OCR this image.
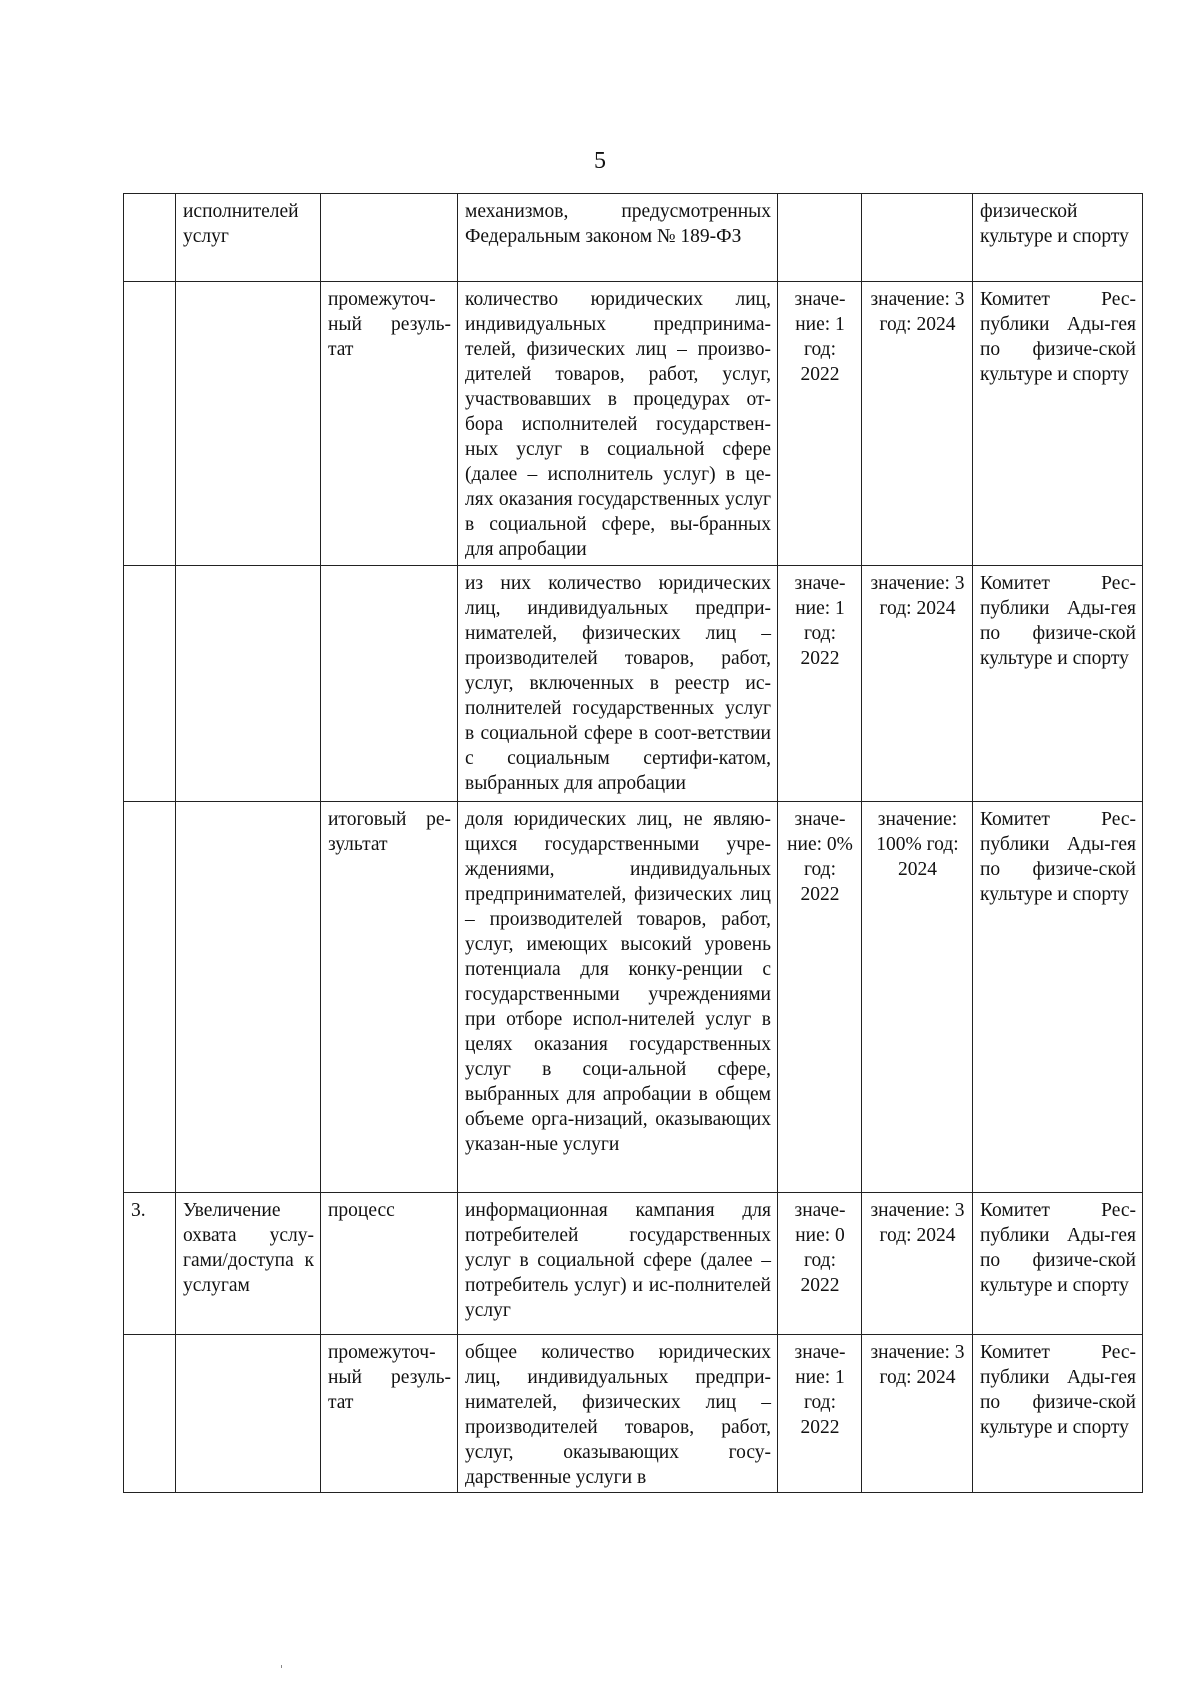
5

	исполнителей услуг		механизмов, предусмотренных Федеральным законом № 189-ФЗ			физической культуре и спорту
		промежуточ-ный резуль-тат	количество юридических лиц, индивидуальных предпринима-телей, физических лиц – произво-дителей товаров, работ, услуг, участвовавших в процедурах от-бора исполнителей государствен-ных услуг в социальной сфере (далее – исполнитель услуг) в це-лях оказания государственных услуг в социальной сфере, вы-бранных для апробации	значе-ние: 1 год: 2022	значение: 3 год: 2024	Комитет Рес-публики Ады-гея по физиче-ской культуре и спорту
			из них количество юридических лиц, индивидуальных предпри-нимателей, физических лиц – производителей товаров, работ, услуг, включенных в реестр ис-полнителей государственных услуг в социальной сфере в соот-ветствии с социальным сертифи-катом, выбранных для апробации	значе-ние: 1 год: 2022	значение: 3 год: 2024	Комитет Рес-публики Ады-гея по физиче-ской культуре и спорту
		итоговый ре-зультат	доля юридических лиц, не являю-щихся государственными учре-ждениями, индивидуальных предпринимателей, физических лиц – производителей товаров, работ, услуг, имеющих высокий уровень потенциала для конку-ренции с государственными учреждениями при отборе испол-нителей услуг в целях оказания государственных услуг в соци-альной сфере, выбранных для апробации в общем объеме орга-низаций, оказывающих указан-ные услуги	значе-ние: 0% год: 2022	значение: 100% год: 2024	Комитет Рес-публики Ады-гея по физиче-ской культуре и спорту
3.	Увеличение охвата услу-гами/доступа к услугам	процесс	информационная кампания для потребителей государственных услуг в социальной сфере (далее – потребитель услуг) и ис-полнителей услуг	значе-ние: 0 год: 2022	значение: 3 год: 2024	Комитет Рес-публики Ады-гея по физиче-ской культуре и спорту
		промежуточ-ный резуль-тат	общее количество юридических лиц, индивидуальных предпри-нимателей, физических лиц – производителей товаров, работ, услуг, оказывающих госу-дарственные услуги в	значе-ние: 1 год: 2022	значение: 3 год: 2024	Комитет Рес-публики Ады-гея по физиче-ской культуре и спорту
